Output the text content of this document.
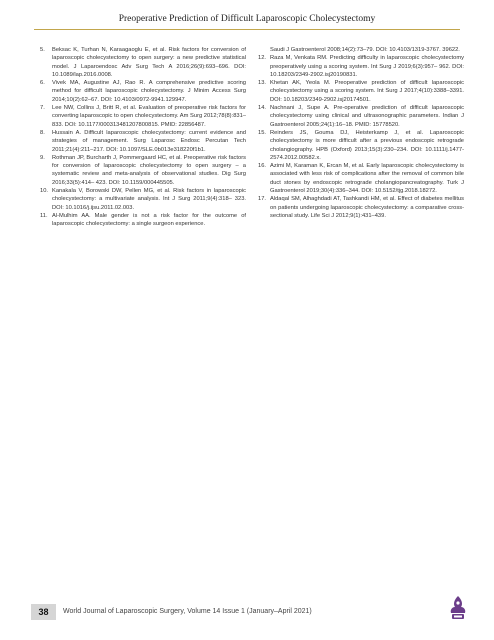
Preoperative Prediction of Difficult Laparoscopic Cholecystectomy
5.	Beksac K, Turhan N, Karaagaoglu E, et al. Risk factors for conversion of laparoscopic cholecystectomy to open surgery: a new predictive statistical model. J Laparoendosc Adv Surg Tech A 2016;26(9):693–696. DOI: 10.1089/lap.2016.0008.
6.	Vivek MA, Augustine AJ, Rao R. A comprehensive predictive scoring method for difficult laparoscopic cholecystectomy. J Minim Access Surg 2014;10(2):62–67. DOI: 10.4103/0972-9941.129947.
7.	Lee NW, Collins J, Britt R, et al. Evaluation of preoperative risk factors for converting laparoscopic to open cholecystectomy. Am Surg 2012;78(8):831–833. DOI: 10.1177/000313481207800815. PMID: 22856487.
8.	Hussain A. Difficult laparoscopic cholecystectomy: current evidence and strategies of management. Surg Laparosc Endosc Percutan Tech 2011;21(4):211–217. DOI: 10.1097/SLE.0b013e318220f1b1.
9.	Rothman JP, Burcharth J, Pommergaard HC, et al. Preoperative risk factors for conversion of laparoscopic cholecystectomy to open surgery – a systematic review and meta-analysis of observational studies. Dig Surg 2016;33(5):414– 423. DOI: 10.1159/000445505.
10. Kanakala V, Borowski DW, Pellen MG, et al. Risk factors in laparoscopic cholecystectomy: a multivariate analysis. Int J Surg 2011;9(4):318– 323. DOI: 10.1016/j.ijsu.2011.02.003.
11. Al-Mulhim AA. Male gender is not a risk factor for the outcome of laparoscopic cholecystectomy: a single surgeon experience.
Saudi J Gastroenterol 2008;14(2):73–79. DOI: 10.4103/1319-3767. 39622.
12. Raza M, Venkata RM. Predicting difficulty in laparoscopic cholecystectomy preoperatively using a scoring system. Int Surg J 2019;6(3):957– 962. DOI: 10.18203/2349-2902.isj20190831.
13. Khetan AK, Yeola M. Preoperative prediction of difficult laparoscopic cholecystectomy using a scoring system. Int Surg J 2017;4(10):3388–3391. DOI: 10.18203/2349-2902.isj20174501.
14. Nachnani J, Supe A. Pre-operative prediction of difficult laparoscopic cholecystectomy using clinical and ultrasonographic parameters. Indian J Gastroenterol 2005;24(1):16–18. PMID: 15778520.
15. Reinders JS, Gouma DJ, Heisterkamp J, et al. Laparoscopic cholecystectomy is more difficult after a previous endoscopic retrograde cholangiography. HPB (Oxford) 2013;15(3):230–234. DOI: 10.1111/j.1477-2574.2012.00582.x.
16. Azimi M, Karaman K, Ercan M, et al. Early laparoscopic cholecystectomy is associated with less risk of complications after the removal of common bile duct stones by endoscopic retrograde cholangiopancreatography. Turk J Gastroenterol 2019;30(4):336–344. DOI: 10.5152/tjg.2018.18272.
17. Aldaqal SM, Alhaghdadi AT, Tashkandi HM, et al. Effect of diabetes mellitus on patients undergoing laparoscopic cholecystectomy: a comparative cross-sectional study. Life Sci J 2012;9(1):431–439.
38	World Journal of Laparoscopic Surgery, Volume 14 Issue 1 (January–April 2021)
